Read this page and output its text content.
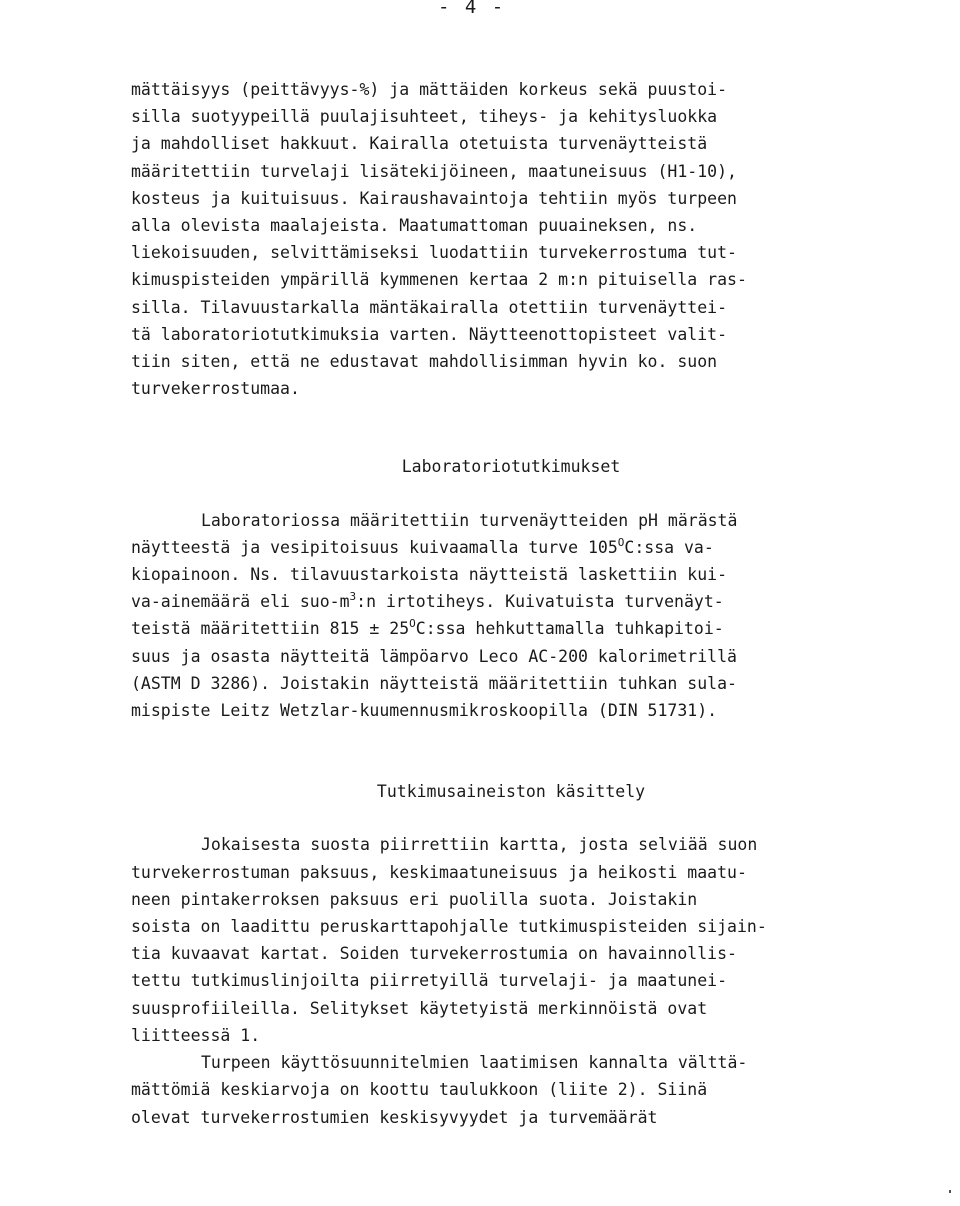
- 4 -
mättäisyys (peittävyys-%) ja mättäiden korkeus sekä puustoi-
silla suotyypeillä puulajisuhteet, tiheys- ja kehitysluokka
ja mahdolliset hakkuut. Kairalla otetuista turvenäytteistä
määritettiin turvelaji lisätekijöineen, maatuneisuus (H1-10),
kosteus ja kuituisuus. Kairaushavaintoja tehtiin myös turpeen
alla olevista maalajeista. Maatumattoman puuaineksen, ns.
liekoisuuden, selvittämiseksi luodattiin turvekerrostuma tut-
kimuspisteiden ympärillä kymmenen kertaa 2 m:n pituisella ras-
silla. Tilavuustarkalla mäntäkairalla otettiin turvenäyttei-
tä laboratoriotutkimuksia varten. Näytteenottopisteet valit-
tiin siten, että ne edustavat mahdollisimman hyvin ko. suon
turvekerrostumaa.
Laboratoriotutkimukset
Laboratoriossa määritettiin turvenäytteiden pH märästä
näytteestä ja vesipitoisuus kuivaamalla turve $105^OC:ssa$ va-
kiopainoon. Ns. tilavuustarkoista näytteistä laskettiin kui-
va-ainemäärä eli suo-$m^3:n$ irtotiheys. Kuivatuista turvenäyt-
teistä määritettiin $815 \pm 25^OC:ssa$ hehkuttamalla tuhkapitoi-
suus ja osasta näytteitä lämpöarvo Leco AC-200 kalorimetrillä
(ASTM D 3286). Joistakin näytteistä määritettiin tuhkan sula-
mispiste Leitz Wetzlar-kuumennusmikroskoopilla (DIN 51731).
Tutkimusaineiston käsittely
Jokaisesta suosta piirrettiin kartta, josta selviää suon
turvekerrostuman paksuus, keskimaatuneisuus ja heikosti maatu-
neen pintakerroksen paksuus eri puolilla suota. Joistakin
soista on laadittu peruskarttapohjalle tutkimuspisteiden sijain-
tia kuvaavat kartat. Soiden turvekerrostumia on havainnollis-
tettu tutkimuslinjoilta piirretyillä turvelaji- ja maatunei-
suusprofiileilla. Selitykset käytetyistä merkinnöistä ovat
liitteessä 1.
Turpeen käyttösuunnitelmien laatimisen kannalta välttä-
mättömiä keskiarvoja on koottu taulukkoon (liite 2). Siinä
olevat turvekerrostumien keskisyvyydet ja turvemäärät
